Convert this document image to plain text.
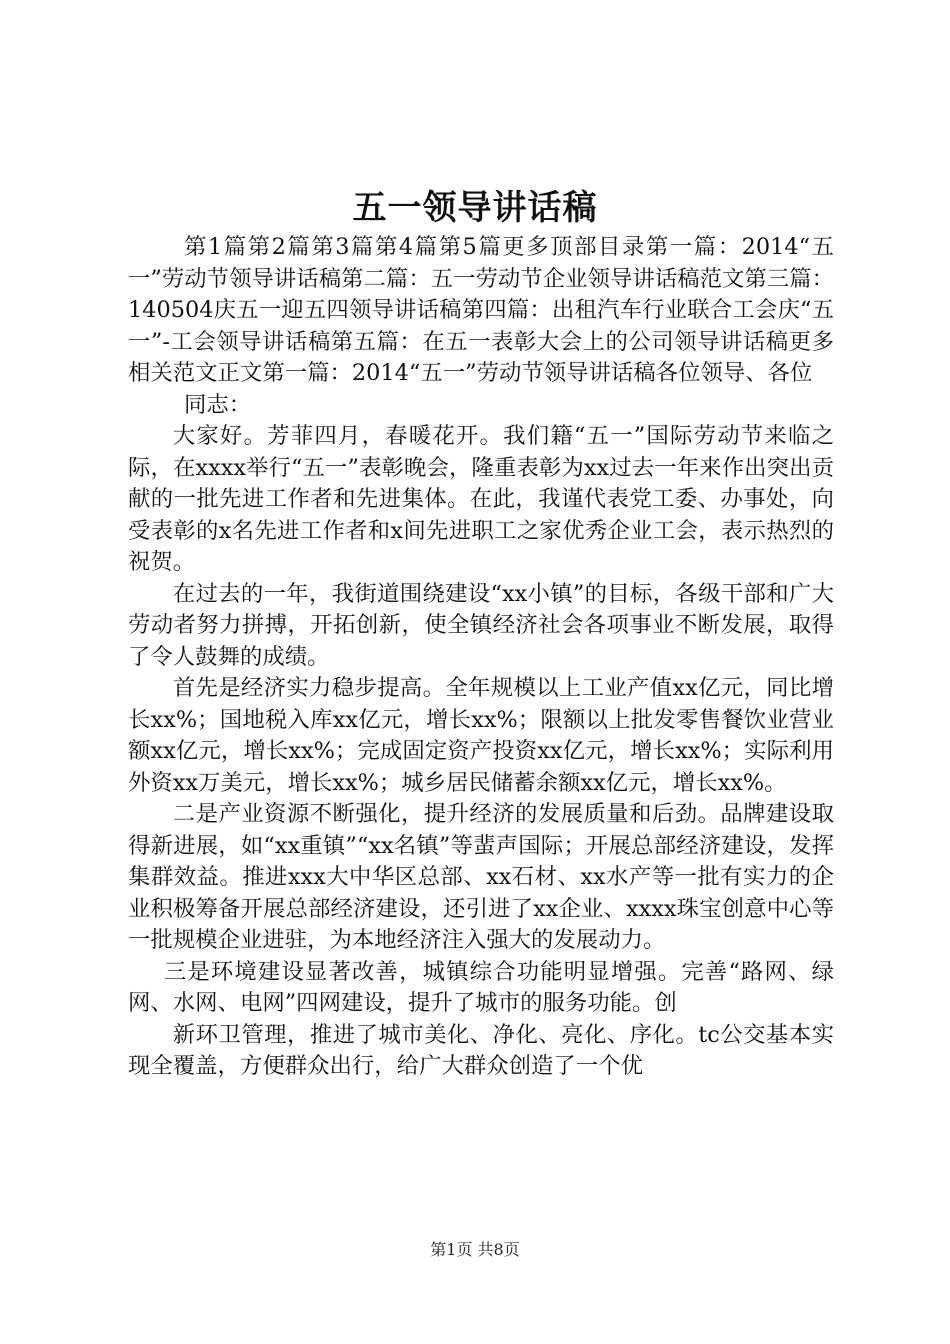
五一领导讲话稿

第1篇第2篇第3篇第4篇第5篇更多顶部目录第一篇：2014“五一”劳动节领导讲话稿第二篇：五一劳动节企业领导讲话稿范文第三篇：140504庆五一迎五四领导讲话稿第四篇：出租汽车行业联合工会庆“五一”-工会领导讲话稿第五篇：在五一表彰大会上的公司领导讲话稿更多相关范文正文第一篇：2014“五一”劳动节领导讲话稿各位领导、各位

同志：

大家好。芳菲四月，春暖花开。我们籍“五一”国际劳动节来临之际，在xxxx举行“五一”表彰晚会，隆重表彰为xx过去一年来作出突出贡献的一批先进工作者和先进集体。在此，我谨代表党工委、办事处，向受表彰的x名先进工作者和x间先进职工之家优秀企业工会，表示热烈的祝贺。

在过去的一年，我街道围绕建设“xx小镇”的目标，各级干部和广大劳动者努力拼搏，开拓创新，使全镇经济社会各项事业不断发展，取得了令人鼓舞的成绩。

首先是经济实力稳步提高。全年规模以上工业产值xx亿元，同比增长xx%；国地税入库xx亿元，增长xx%；限额以上批发零售餐饮业营业额xx亿元，增长xx%；完成固定资产投资xx亿元，增长xx%；实际利用外资xx万美元，增长xx%；城乡居民储蓄余额xx亿元，增长xx%。

二是产业资源不断强化，提升经济的发展质量和后劲。品牌建设取得新进展，如“xx重镇”“xx名镇”等蜚声国际；开展总部经济建设，发挥集群效益。推进xxx大中华区总部、xx石材、xx水产等一批有实力的企业积极筹备开展总部经济建设，还引进了xx企业、xxxx珠宝创意中心等一批规模企业进驻，为本地经济注入强大的发展动力。

三是环境建设显著改善，城镇综合功能明显增强。完善“路网、绿网、水网、电网”四网建设，提升了城市的服务功能。创

新环卫管理，推进了城市美化、净化、亮化、序化。tc公交基本实现全覆盖，方便群众出行，给广大群众创造了一个优

第1页 共8页
